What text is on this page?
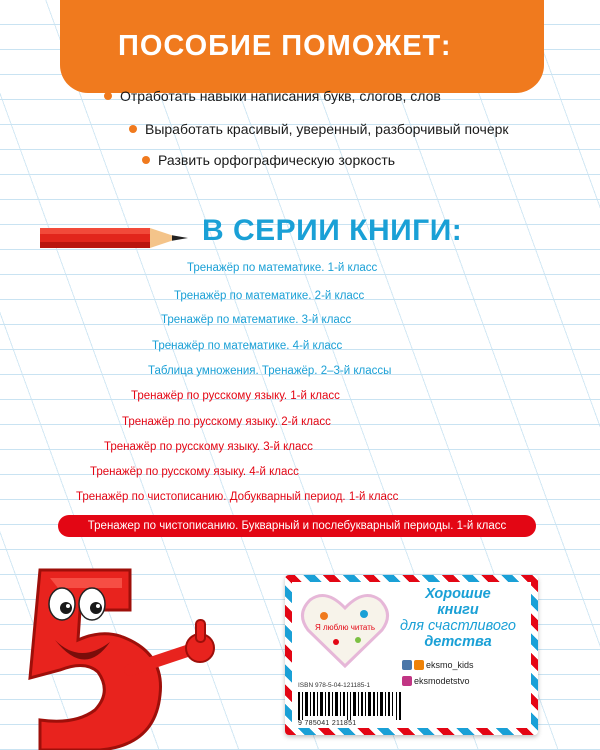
ПОСОБИЕ ПОМОЖЕТ:
Отработать навыки написания букв, слогов, слов
Выработать красивый, уверенный, разборчивый почерк
Развить орфографическую зоркость
В СЕРИИ КНИГИ:
Тренажёр по математике. 1-й класс
Тренажёр по математике. 2-й класс
Тренажёр по математике. 3-й класс
Тренажёр по математике. 4-й класс
Таблица умножения. Тренажёр. 2–3-й классы
Тренажёр по русскому языку. 1-й класс
Тренажёр по русскому языку. 2-й класс
Тренажёр по русскому языку. 3-й класс
Тренажёр по русскому языку. 4-й класс
Тренажёр по чистописанию. Добукварный период. 1-й класс
Тренажер по чистописанию. Букварный и послебукварный периоды. 1-й класс
Я люблю читать
Хорошие
книги
для счастливого
детства
eksmo_kids
eksmodetstvo
ISBN 978-5-04-121185-1
9 785041 211851
